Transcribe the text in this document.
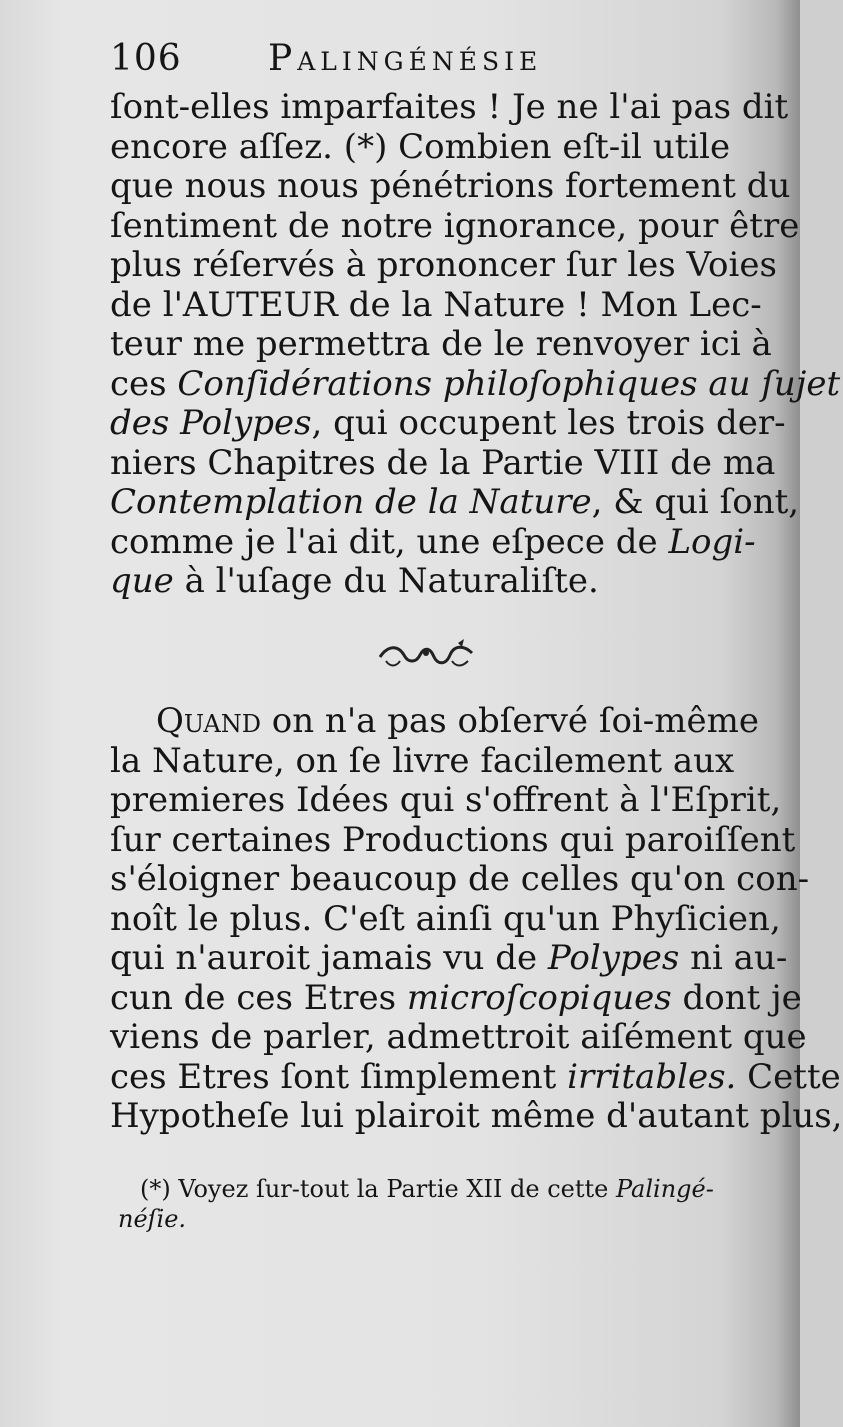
106 Palingénésie
ſont-elles imparfaites ! Je ne l'ai pas dit
encore aſſez. (*) Combien eſt-il utile
que nous nous pénétrions fortement du
ſentiment de notre ignorance, pour être
plus réſervés à prononcer ſur les Voies
de l'AUTEUR de la Nature ! Mon Lec-
teur me permettra de le renvoyer ici à
ces Conſidérations philoſophiques au ſujet
des Polypes, qui occupent les trois der-
niers Chapitres de la Partie VIII de ma
Contemplation de la Nature, & qui ſont,
comme je l'ai dit, une eſpece de Logi-
que à l'uſage du Naturaliſte.
Quand on n'a pas obſervé ſoi-même
la Nature, on ſe livre facilement aux
premieres Idées qui s'offrent à l'Eſprit,
ſur certaines Productions qui paroiſſent
s'éloigner beaucoup de celles qu'on con-
noît le plus. C'eſt ainſi qu'un Phyſicien,
qui n'auroit jamais vu de Polypes ni au-
cun de ces Etres microſcopiques dont je
viens de parler, admettroit aiſément que
ces Etres ſont ſimplement irritables. Cette
Hypotheſe lui plairoit même d'autant plus,
(*) Voyez ſur-tout la Partie XII de cette Palingé-
néſie.
